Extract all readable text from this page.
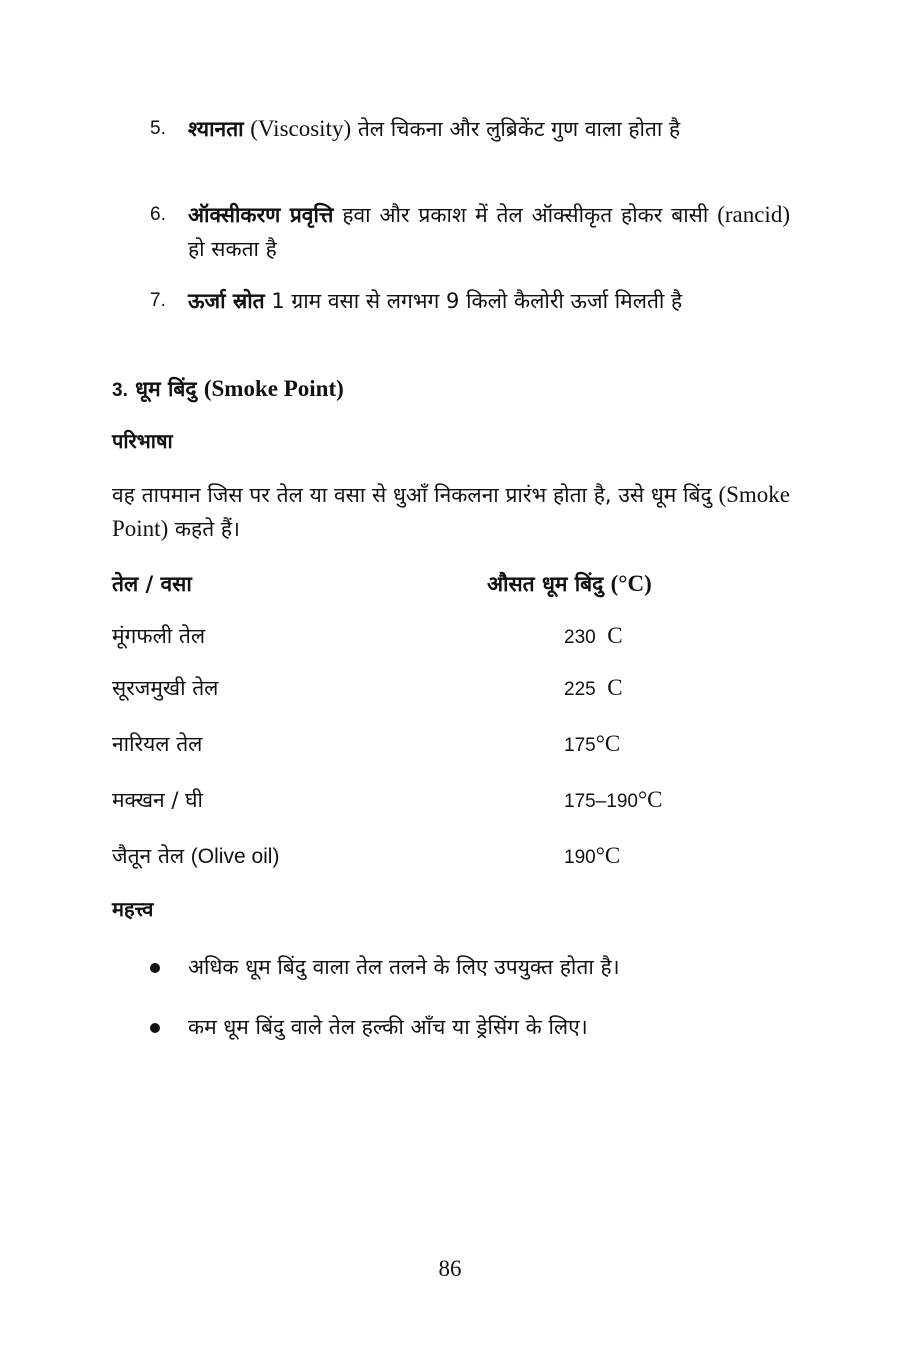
5. श्यानता (Viscosity) तेल चिकना और लुब्रिकेंट गुण वाला होता है
6. ऑक्सीकरण प्रवृत्ति हवा और प्रकाश में तेल ऑक्सीकृत होकर बासी (rancid) हो सकता है
7. ऊर्जा स्रोत 1 ग्राम वसा से लगभग 9 किलो कैलोरी ऊर्जा मिलती है
3. धूम बिंदु (Smoke Point)
परिभाषा
वह तापमान जिस पर तेल या वसा से धुआँ निकलना प्रारंभ होता है, उसे धूम बिंदु (Smoke Point) कहते हैं।
तेल / वसा	औसत धूम बिंदु (°C)
मूंगफली तेल	230  C
सूरजमुखी तेल	225  C
नारियल तेल	175°C
मक्खन / घी	175–190°C
जैतून तेल (Olive oil)	190°C
महत्त्व
अधिक धूम बिंदु वाला तेल तलने के लिए उपयुक्त होता है।
कम धूम बिंदु वाले तेल हल्की आँच या ड्रेसिंग के लिए।
86
